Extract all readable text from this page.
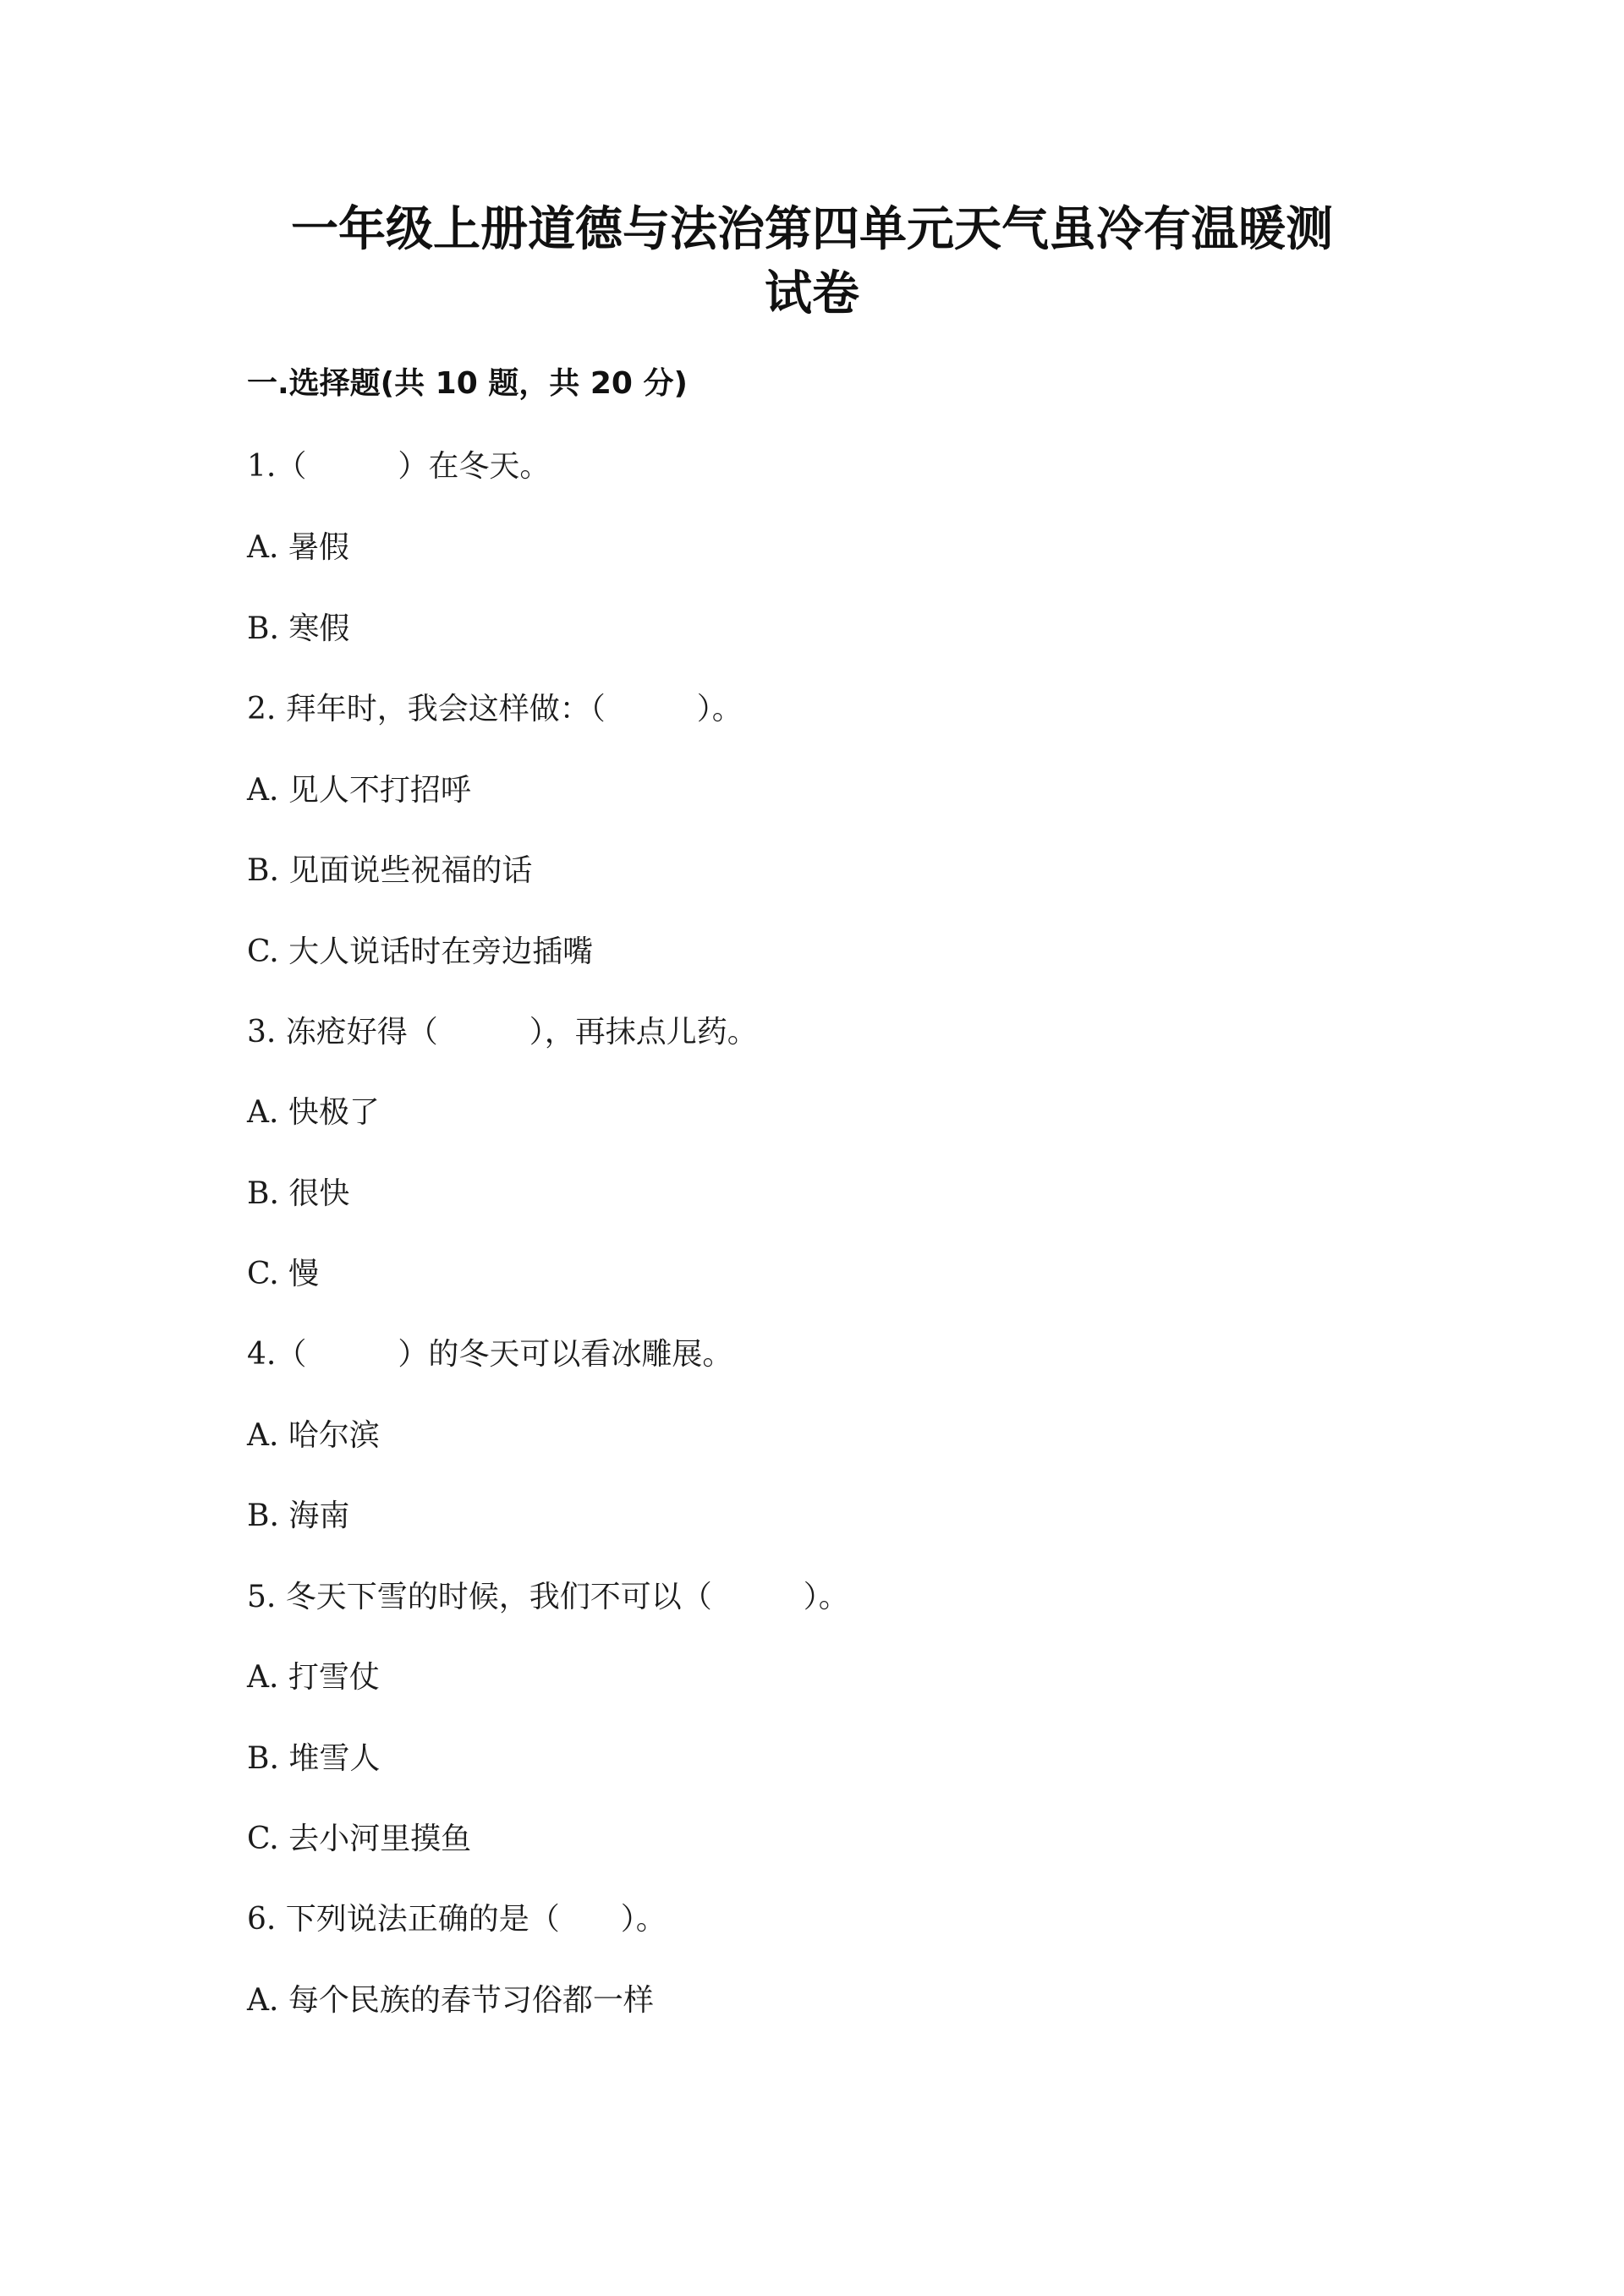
一年级上册道德与法治第四单元天气虽冷有温暖测
试卷
一.选择题(共 10 题，共 20 分)
1.（　　　）在冬天。
A. 暑假
B. 寒假
2. 拜年时，我会这样做：（　　　）。
A. 见人不打招呼
B. 见面说些祝福的话
C. 大人说话时在旁边插嘴
3. 冻疮好得（　　　），再抹点儿药。
A. 快极了
B. 很快
C. 慢
4.（　　　）的冬天可以看冰雕展。
A. 哈尔滨
B. 海南
5. 冬天下雪的时候，我们不可以（　　　）。
A. 打雪仗
B. 堆雪人
C. 去小河里摸鱼
6. 下列说法正确的是（　　）。
A. 每个民族的春节习俗都一样
